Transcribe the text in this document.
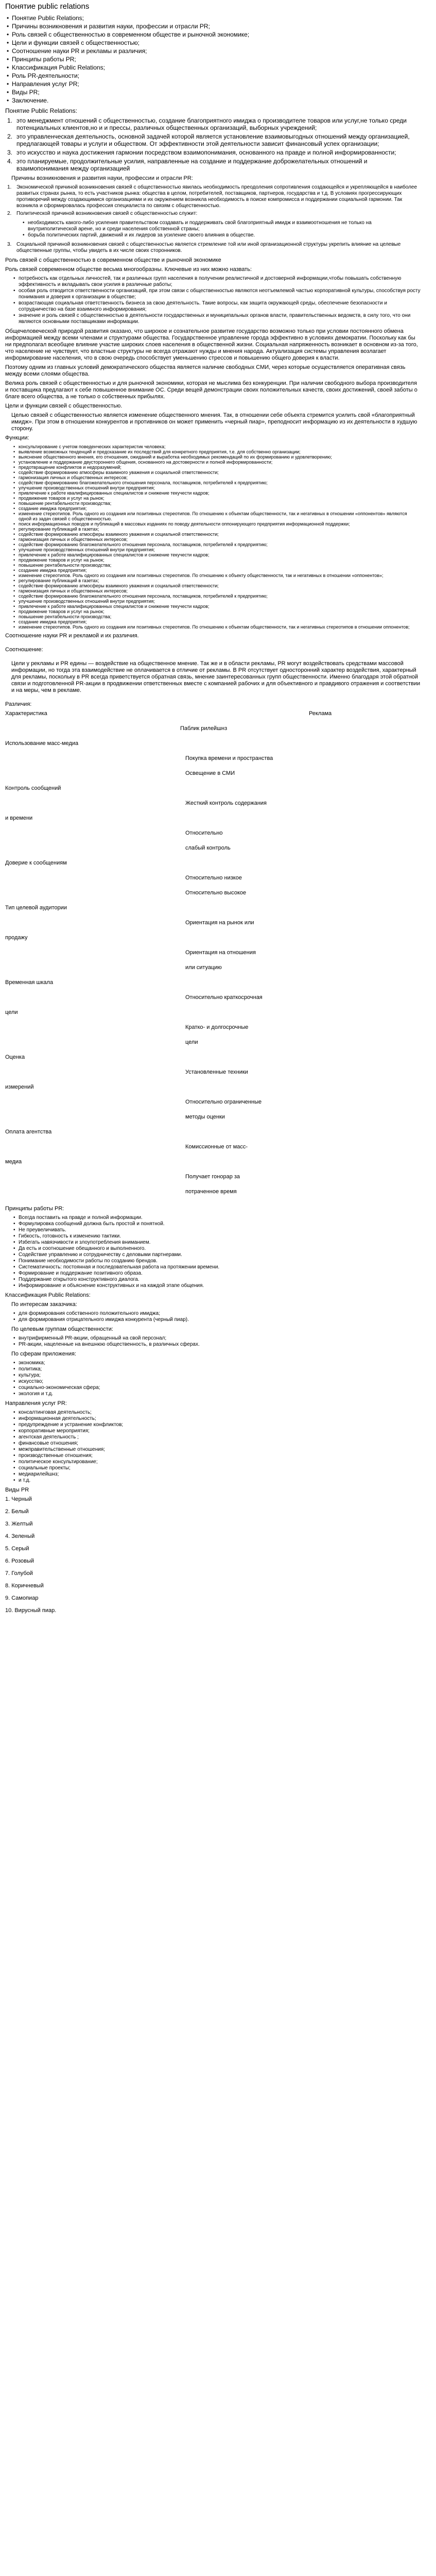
Понятие public relations
• Понятие Public Relations;
• Причины возникновения и развития науки, профессии и отрасли PR;
• Роль связей с общественностью в современном обществе и рыночной экономике;
• Цели и функции связей с общественностью;
• Соотношение науки PR и рекламы и различия;
• Принципы работы PR;
• Классификация Public Relations;
• Роль PR-деятельности;
• Направления услуг PR;
• Виды PR;
• Заключение.

Понятие Public Relations:

1. это менеджмент отношений с общественностью, создание благоприятного имиджа о производителе товаров или услуг,не только среди потенциальных клиентов,но и и прессы, различных общественных организаций, выборных учреждений;
2. это управленческая деятельность, основной задачей которой является установление взаимовыгодных отношений между организацией, предлагающей товары и услуги и обществом. От эффективности этой деятельности зависит финансовый успех организации;
3. это искусство и наука достижения гармонии посредством взаимопонимания, основанного на правде и полной информированности;
4. это планируемые, продолжительные усилия, направленные на создание и поддержание доброжелательных отношений и взаимопонимания между организацией

Причины возникновения и развития науки, профессии и отрасли PR:

1. Экономической причиной возникновения связей с общественностью явилась необходимость преодоления сопротивления создающейся и укрепляющейся в наиболее развитых странах рынка, то есть участников рынка: общества в целом, потребителей, поставщиков, партнеров, государства и т.д. В условиях прогрессирующих противоречий между создающимися организациями и их окружением возникла необходимость в поиске компромисса и поддержании социальной гармонии. Так возникла и сформировалась профессия специалиста по связям с общественностью.
2. Политической причиной возникновения связей с общественностью служит:
• необходимость какого-либо усиления правительством создавать и поддерживать свой благоприятный имидж и взаимоотношения не только на внутриполитической арене, но и среди населения собственной страны;
• борьба политических партий, движений и их лидеров за усиление своего влияния в обществе.
3. Социальной причиной возникновения связей с общественностью является стремление той или иной организационной структуры укрепить влияние на целевые общественные группы, чтобы увидеть в их числе своих сторонников.

Роль связей с общественностью в современном обществе и рыночной экономике

Роль связей современном обществе весьма многообразны. Ключевые из них можно назвать:

• потребность как отдельных личностей, так и различных групп населения в получении реалистичной и достоверной информации,чтобы повышать собственную эффективность и вкладывать свои усилия в различные работы;
• особая роль отводится ответственности организаций, при этом связи с общественностью являются неотъемлемой частью корпоративной культуры, способствуя росту понимания и доверия к организации в обществе;
• возрастающая социальная ответственность бизнеса за свою деятельность. Такие вопросы, как защита окружающей среды, обеспечение безопасности и сотрудничество на базе взаимного информирования;
• значение и роль связей с общественностью в деятельности государственных и муниципальных органов власти, правительственных ведомств, в силу того, что они являются основными поставщиками информации.

Общечеловеческой природой развития оказано, что широкое и сознательное развитие государство возможно только при условии постоянного обмена информацией между всеми членами и структурами общества. Государственное управление города эффективно в условиях демократии. Поскольку как бы ни предполагал всеобщее влияние участие широких слоев населения в общественной жизни. Социальная напряженность возникает в основном из-за того, что население не чувствует, что властные структуры не всегда отражают нужды и мнения народа. Актуализация системы управления возлагает информирование населения, что в свою очередь способствует уменьшению стрессов и повышению общего доверия к власти.

Поэтому одним из главных условий демократического общества является наличие свободных СМИ, через которые осуществляется оперативная связь между всеми слоями общества.

Велика роль связей с общественностью и для рыночной экономики, которая не мыслима без конкуренции. При наличии свободного выбора производителя и поставщика предлагают к себе повышенное внимание ОС. Среди вещей демонстрации своих положительных качеств, своих достижений, своей заботы о благе всего общества, а не только о собственных прибылях.

Цели и функции связей с общественностью.

Целью связей с общественностью является изменение общественного мнения. Так, в отношении себе объекта стремится усилить свой «благоприятный имидж». При этом в отношении конкурентов и противников он может применить «черный пиар», преподносит информацию из их деятельности в худшую сторону.

Функции:

• консультирование с учетом поведенческих характеристик человека;
• выявление возможных тенденций и предсказание их последствий для конкретного предприятия, т.е. для собственно организации;
• выяснение общественного мнения, его отношения, ожиданий и выработка необходимых рекомендаций по их формированию и удовлетворению;
• установление и поддержание двустороннего общения, основанного на достоверности и полной информированности;
• предотвращение конфликтов и недоразумений;
• содействие формированию атмосферы взаимного уважения и социальной ответственности;
• гармонизация личных и общественных интересов;
• содействие формированию благожелательного отношения персонала, поставщиков, потребителей к предприятию;
• улучшение производственных отношений внутри предприятия;
• привлечение к работе квалифицированных специалистов и снижение текучести кадров;
• продвижение товаров и услуг на рынок;
• повышение рентабельности производства;
• создание имиджа предприятия;
• изменение стереотипов. Роль одного из создания или позитивных стереотипов. По отношению к объектам общественности, так и негативных в отношении «оппонентов» являются одной из задач связей с общественностью.
• поиск информационных поводов и публикаций в массовых изданиях по поводу деятельности оппонирующего предприятия информационной поддержки;
• регулирование публикаций в газетах;
• содействие формированию атмосферы взаимного уважения и социальной ответственности;
• гармонизация личных и общественных интересов;
• содействие формированию благожелательного отношения персонала, поставщиков, потребителей к предприятию;
• улучшение производственных отношений внутри предприятия;
• привлечение к работе квалифицированных специалистов и снижение текучести кадров;
• продвижение товаров и услуг на рынок;
• повышение рентабельности производства;
• создание имиджа предприятия;
• изменение стереотипов. Роль одного из создания или позитивных стереотипов. По отношению к объекту общественности, так и негативных в отношении «оппонентов»;
• регулирование публикаций в газетах;
• содействие формированию атмосферы взаимного уважения и социальной ответственности;
• гармонизация личных и общественных интересов;
• содействие формированию благожелательного отношения персонала, поставщиков, потребителей к предприятию;
• улучшение производственных отношений внутри предприятия;
• привлечение к работе квалифицированных специалистов и снижение текучести кадров;
• продвижение товаров и услуг на рынок;
• повышение рентабельности производства;
• создание имиджа предприятия;
• изменение стереотипов. Роль одного из создания или позитивных стереотипов. По отношению к объектам общественности, так и негативных стереотипов в отношении оппонентов;

Соотношение науки PR и рекламой и их различия.

Соотношение:

Цели у рекламы и PR едины — воздействие на общественное мнение. Так же и в области рекламы, PR могут воздействовать средствами массовой информации, но тогда эта взаимодействие не оплачивается в отличие от рекламы. В РR отсутствует односторонний характер воздействия, характерный для рекламы, поскольку в РR всегда приветствуется обратная связь, мнение заинтересованных групп общественности. Именно благодаря этой обратной связи и подготовленной PR-акции в продвижении ответственных вместе с компанией рабочих и для объективного и правдивого отражения и соответствии и на меры, чем в рекламе.

Различия:

Характеристика	Реклама
Паблик рилейшнз
Использование масс-медиа
Покупка времени и пространства
Освещение в СМИ
Контроль сообщений
Жесткий контроль содержания
и времени
Относительно
слабый контроль
Доверие к сообщениям
Относительно низкое
Относительно высокое
Тип целевой аудитории
Ориентация на рынок или
продажу
Ориентация на отношения
или ситуацию
Временная шкала
Относительно краткосрочная
цели
Кратко- и долгосрочные
цели
Оценка
Установленные техники
измерений
Относительно ограниченные
методы оценки
Оплата агентства
Комиссионные от масс-
медиа
Получает гонорар за
потраченное время

Принципы работы PR:

• Всегда поставить на правде и полной информации.
• Формулировка сообщений должна быть простой и понятной.
• Не преувеличивать.
• Гибкость, готовность к изменению тактики.
• Избегать навязчивости и злоупотребления вниманием.
• Да есть и соотношение обещанного и выполненного.
• Содействие управлению и сотрудничеству с деловыми партнерами.
• Понимание необходимости работы по созданию брендов.
• Систематичность: постоянная и последовательная работа на протяжении времени.
• Формирование и поддержание позитивного образа.
• Поддержание открытого конструктивного диалога.
• Информирование и объяснение конструктивных и на каждой этапе общения.

Классификация Public Relations:

По интересам заказчика:

• для формирования собственного положительного имиджа;
• для формирования отрицательного имиджа конкурента (черный пиар).

По целевым группам общественности:

• внутрифирменный PR-акции, обращенный на свой персонал;
• PR-акции, нацеленные на внешнюю общественность, в различных сферах.

По сферам приложения:

• экономика;
• политика;
• культура;
• искусство;
• социально-экономическая сфера;
• экология и т.д.

Направления услуг PR:

• консалтинговая деятельность;
• информационная деятельность;
• предупреждение и устранение конфликтов;
• корпоративные мероприятия;
• агентская деятельность ;
• финансовые отношения;
• межправительственные отношения;
• производственные отношения;
• политическое консультирование;
• социальные проекты;
• медиарилейшнз;
• и т.д.

Виды PR

1. Черный
2. Белый
3. Желтый
4. Зеленый
5. Серый
6. Розовый
7. Голубой
8. Коричневый
9. Самопиар
10. Вирусный пиар.
